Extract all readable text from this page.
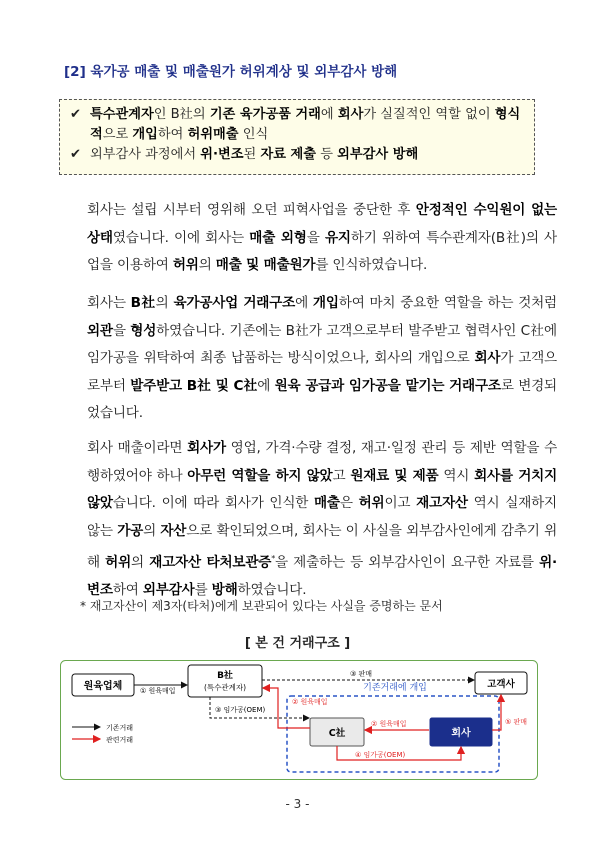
[2] 육가공 매출 및 매출원가 허위계상 및 외부감사 방해
✔ 특수관계자인 B社의 기존 육가공품 거래에 회사가 실질적인 역할 없이 형식적으로 개입하여 허위매출 인식
✔ 외부감사 과정에서 위·변조된 자료 제출 등 외부감사 방해

회사는 설립 시부터 영위해 오던 피혁사업을 중단한 후 안정적인 수익원이 없는 상태였습니다. 이에 회사는 매출 외형을 유지하기 위하여 특수관계자(B社)의 사업을 이용하여 허위의 매출 및 매출원가를 인식하였습니다.

회사는 B社의 육가공사업 거래구조에 개입하여 마치 중요한 역할을 하는 것처럼 외관을 형성하였습니다. 기존에는 B社가 고객으로부터 발주받고 협력사인 C社에 임가공을 위탁하여 최종 납품하는 방식이었으나, 회사의 개입으로 회사가 고객으로부터 발주받고 B社 및 C社에 원육 공급과 임가공을 맡기는 거래구조로 변경되었습니다.

회사 매출이라면 회사가 영업, 가격·수량 결정, 재고·일정 관리 등 제반 역할을 수행하였어야 하나 아무런 역할을 하지 않았고 원재료 및 제품 역시 회사를 거치지 않았습니다. 이에 따라 회사가 인식한 매출은 허위이고 재고자산 역시 실재하지 않는 가공의 자산으로 확인되었으며, 회사는 이 사실을 외부감사인에게 감추기 위해 허위의 재고자산 타처보관증*을 제출하는 등 외부감사인이 요구한 자료를 위·변조하여 외부감사를 방해하였습니다.

* 재고자산이 제3자(타처)에게 보관되어 있다는 사실을 증명하는 문서
[ 본 건 거래구조 ]
기존거래에 개입
원육업체
B社
(특수관계자)	고객사
C社	회사
① 원육매입
③ 판매
③ 임가공(OEM)
② 원육매입
② 원육매입	⑤ 판매
④ 임가공(OEM)
기존거래
관련거래
- 3 -
